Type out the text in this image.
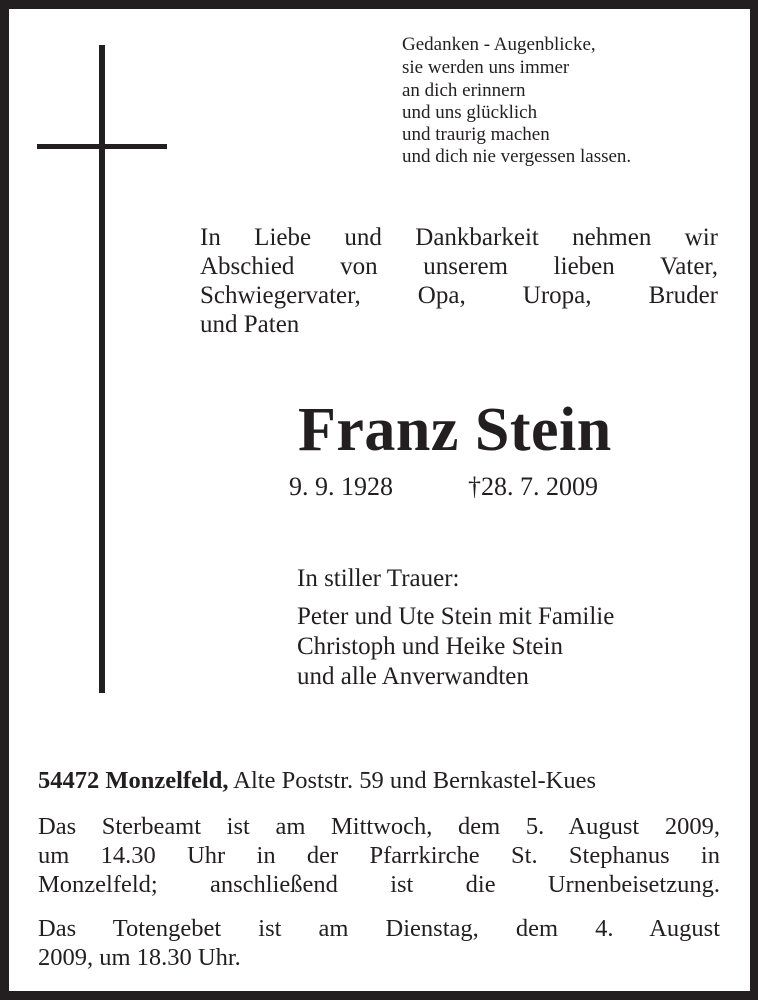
Gedanken - Augenblicke,
sie werden uns immer
an dich erinnern
und uns glücklich
und traurig machen
und dich nie vergessen lassen.
In Liebe und Dankbarkeit nehmen wir
Abschied von unserem lieben Vater,
Schwiegervater, Opa, Uropa, Bruder
und Paten
Franz Stein
9. 9. 1928	†28. 7. 2009
In stiller Trauer:
Peter und Ute Stein mit Familie
Christoph und Heike Stein
und alle Anverwandten
54472 Monzelfeld, Alte Poststr. 59 und Bernkastel-Kues
Das Sterbeamt ist am Mittwoch, dem 5. August 2009,
um 14.30 Uhr in der Pfarrkirche St. Stephanus in
Monzelfeld; anschließend ist die Urnenbeisetzung.
Das Totengebet ist am Dienstag, dem 4. August
2009, um 18.30 Uhr.
